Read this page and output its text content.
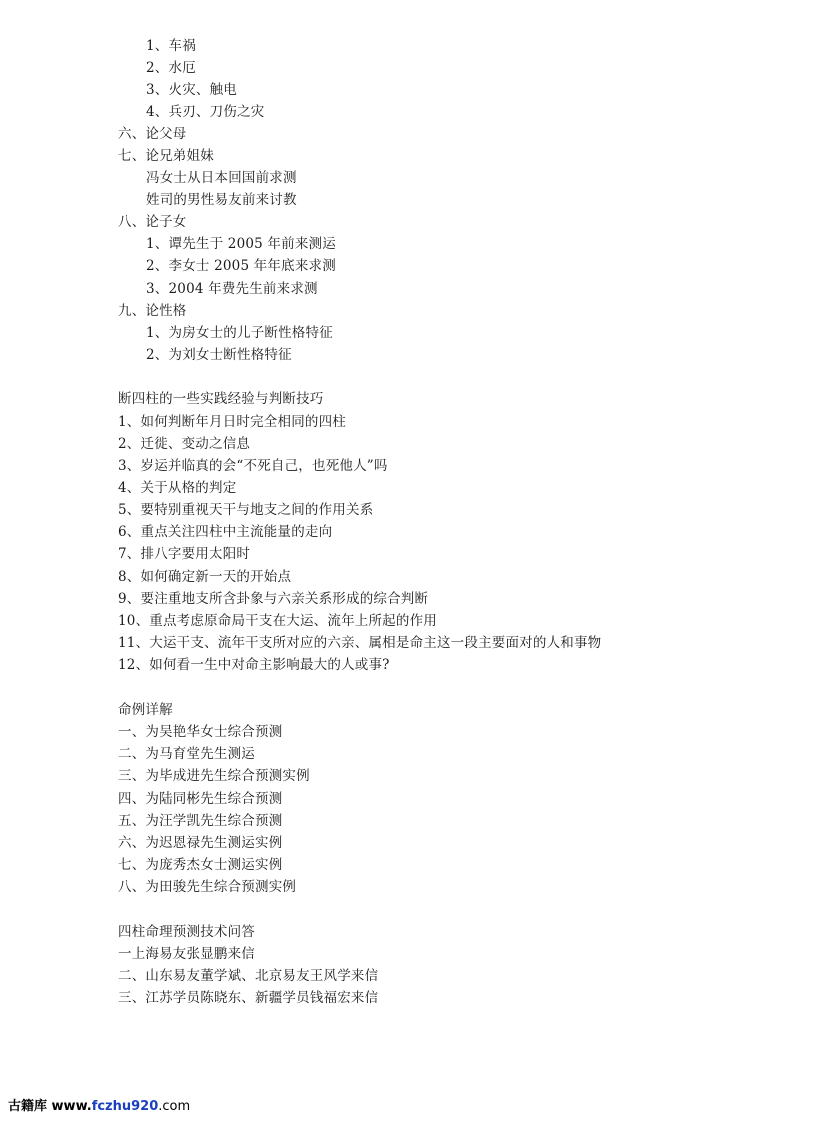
1、车祸
2、水厄
3、火灾、触电
4、兵刃、刀伤之灾
六、论父母
七、论兄弟姐妹
冯女士从日本回国前求测
姓司的男性易友前来讨教
八、论子女
1、谭先生于 2005 年前来测运
2、李女士 2005 年年底来求测
3、2004 年费先生前来求测
九、论性格
1、为房女士的儿子断性格特征
2、为刘女士断性格特征
断四柱的一些实践经验与判断技巧
1、如何判断年月日时完全相同的四柱
2、迁徙、变动之信息
3、岁运并临真的会“不死自己，也死他人”吗
4、关于从格的判定
5、要特别重视天干与地支之间的作用关系
6、重点关注四柱中主流能量的走向
7、排八字要用太阳时
8、如何确定新一天的开始点
9、要注重地支所含卦象与六亲关系形成的综合判断
10、重点考虑原命局干支在大运、流年上所起的作用
11、大运干支、流年干支所对应的六亲、属相是命主这一段主要面对的人和事物
12、如何看一生中对命主影响最大的人或事?
命例详解
一、为吴艳华女士综合预测
二、为马育堂先生测运
三、为毕成进先生综合预测实例
四、为陆同彬先生综合预测
五、为汪学凯先生综合预测
六、为迟恩禄先生测运实例
七、为庞秀杰女士测运实例
八、为田骏先生综合预测实例
四柱命理预测技术问答
一上海易友张显鹏来信
二、山东易友董学斌、北京易友王风学来信
三、江苏学员陈晓东、新疆学员钱福宏来信
古籍库 www.fczhu920.com
